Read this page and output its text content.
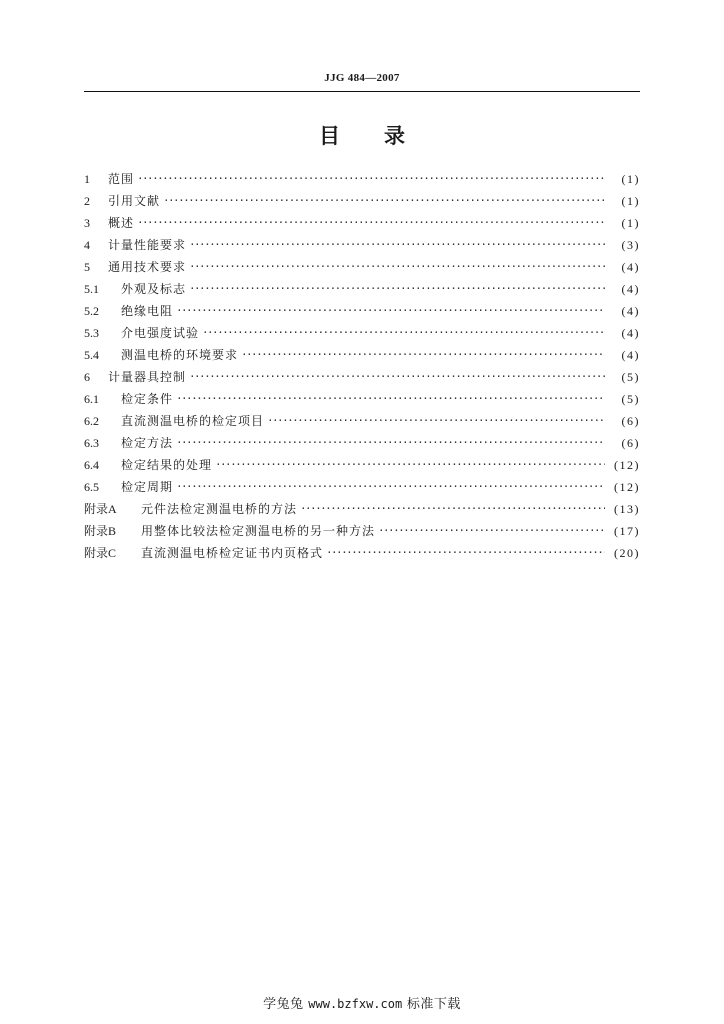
JJG 484—2007
目 录
1	范围 ·····	(1)
2	引用文献 ·····	(1)
3	概述 ·····	(1)
4	计量性能要求 ·····	(3)
5	通用技术要求 ·····	(4)
5.1	外观及标志 ·····	(4)
5.2	绝缘电阻 ·····	(4)
5.3	介电强度试验 ·····	(4)
5.4	测温电桥的环境要求 ·····	(4)
6	计量器具控制 ·····	(5)
6.1	检定条件 ·····	(5)
6.2	直流测温电桥的检定项目 ·····	(6)
6.3	检定方法 ·····	(6)
6.4	检定结果的处理 ·····	(12)
6.5	检定周期 ·····	(12)
附录A	元件法检定测温电桥的方法 ·····	(13)
附录B	用整体比较法检定测温电桥的另一种方法 ·····	(17)
附录C	直流测温电桥检定证书内页格式 ·····	(20)
学兔兔 www.bzfxw.com 标准下载
